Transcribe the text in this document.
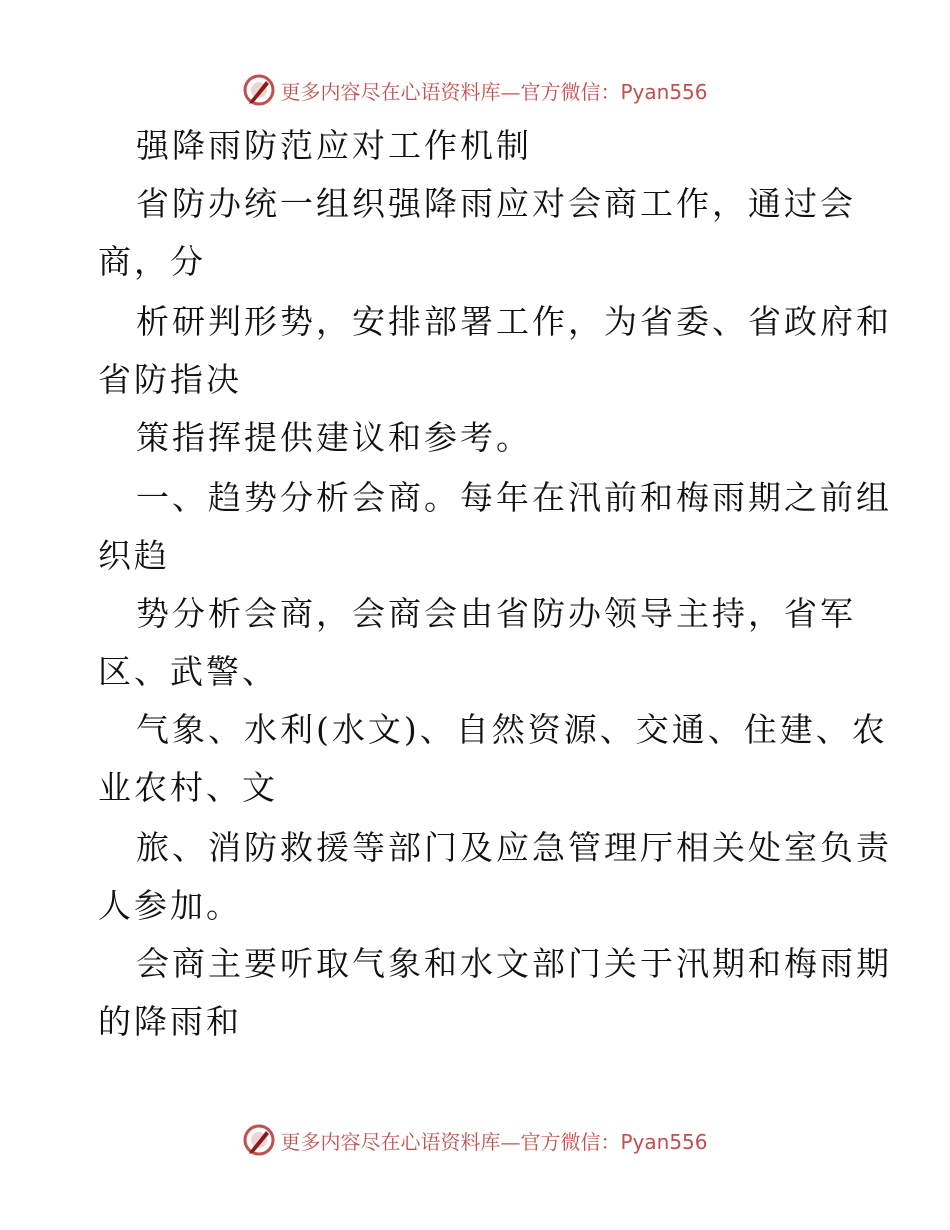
更多内容尽在心语资料库—官方微信：Pyan556
强降雨防范应对工作机制
省防办统一组织强降雨应对会商工作，通过会
商，分
析研判形势，安排部署工作，为省委、省政府和
省防指决
策指挥提供建议和参考。
一、趋势分析会商。每年在汛前和梅雨期之前组
织趋
势分析会商，会商会由省防办领导主持，省军
区、武警、
气象、水利(水文)、自然资源、交通、住建、农
业农村、文
旅、消防救援等部门及应急管理厅相关处室负责
人参加。
会商主要听取气象和水文部门关于汛期和梅雨期
的降雨和
更多内容尽在心语资料库—官方微信：Pyan556
